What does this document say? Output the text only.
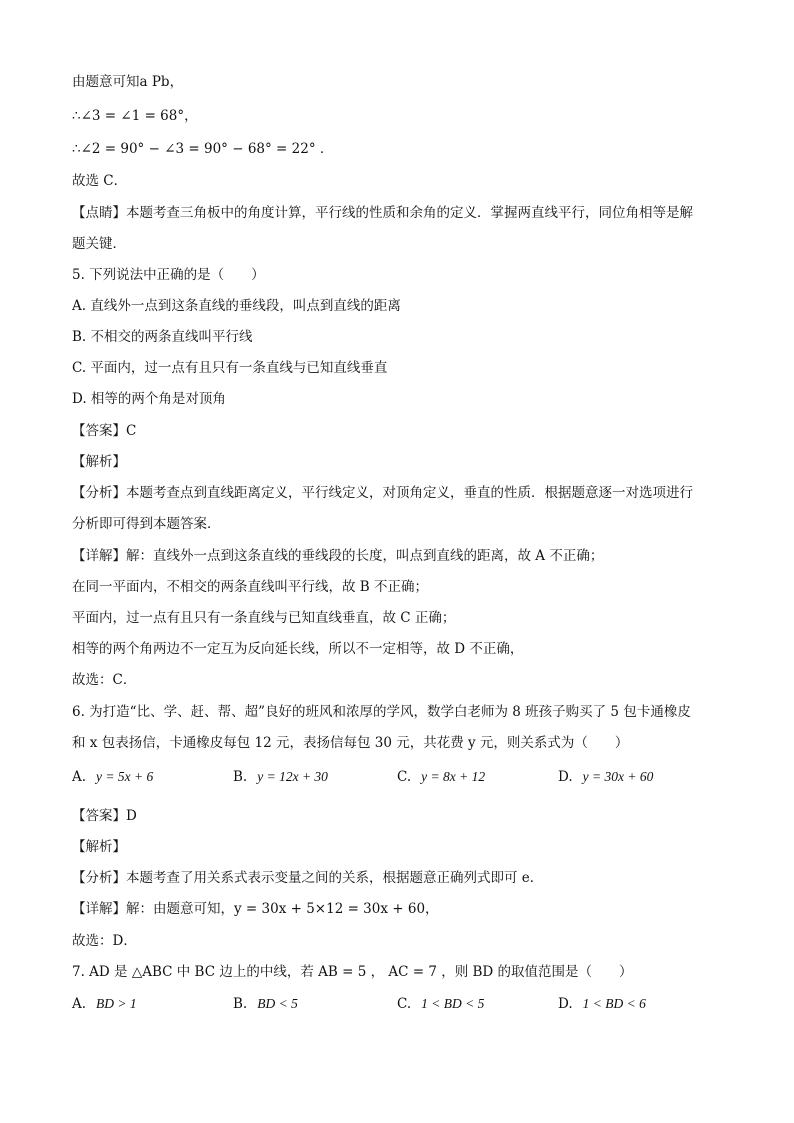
由题意可知a Pb，
∴∠3 = ∠1 = 68°，
∴∠2 = 90° − ∠3 = 90° − 68° = 22° ．
故选 C．
【点睛】本题考查三角板中的角度计算，平行线的性质和余角的定义．掌握两直线平行，同位角相等是解
题关键．
5. 下列说法中正确的是（　　）
A. 直线外一点到这条直线的垂线段，叫点到直线的距离
B. 不相交的两条直线叫平行线
C. 平面内，过一点有且只有一条直线与已知直线垂直
D. 相等的两个角是对顶角
【答案】C
【解析】
【分析】本题考查点到直线距离定义，平行线定义，对顶角定义，垂直的性质．根据题意逐一对选项进行
分析即可得到本题答案．
【详解】解：直线外一点到这条直线的垂线段的长度，叫点到直线的距离，故 A 不正确；
在同一平面内，不相交的两条直线叫平行线，故 B 不正确；
平面内，过一点有且只有一条直线与已知直线垂直，故 C 正确；
相等的两个角两边不一定互为反向延长线，所以不一定相等，故 D 不正确，
故选：C．
6. 为打造“比、学、赶、帮、超”良好的班风和浓厚的学风，数学白老师为 8 班孩子购买了 5 包卡通橡皮
和 x 包表扬信，卡通橡皮每包 12 元，表扬信每包 30 元，共花费 y 元，则关系式为（　　）
A. y = 5x + 6	B. y = 12x + 30	C. y = 8x + 12	D. y = 30x + 60
【答案】D
【解析】
【分析】本题考查了用关系式表示变量之间的关系，根据题意正确列式即可 e．
【详解】解：由题意可知，y = 30x + 5×12 = 30x + 60，
故选：D．
7. AD 是 △ABC 中 BC 边上的中线，若 AB = 5 ， AC = 7 ，则 BD 的取值范围是（　　）
A. BD > 1	B. BD < 5	C. 1 < BD < 5	D. 1 < BD < 6
